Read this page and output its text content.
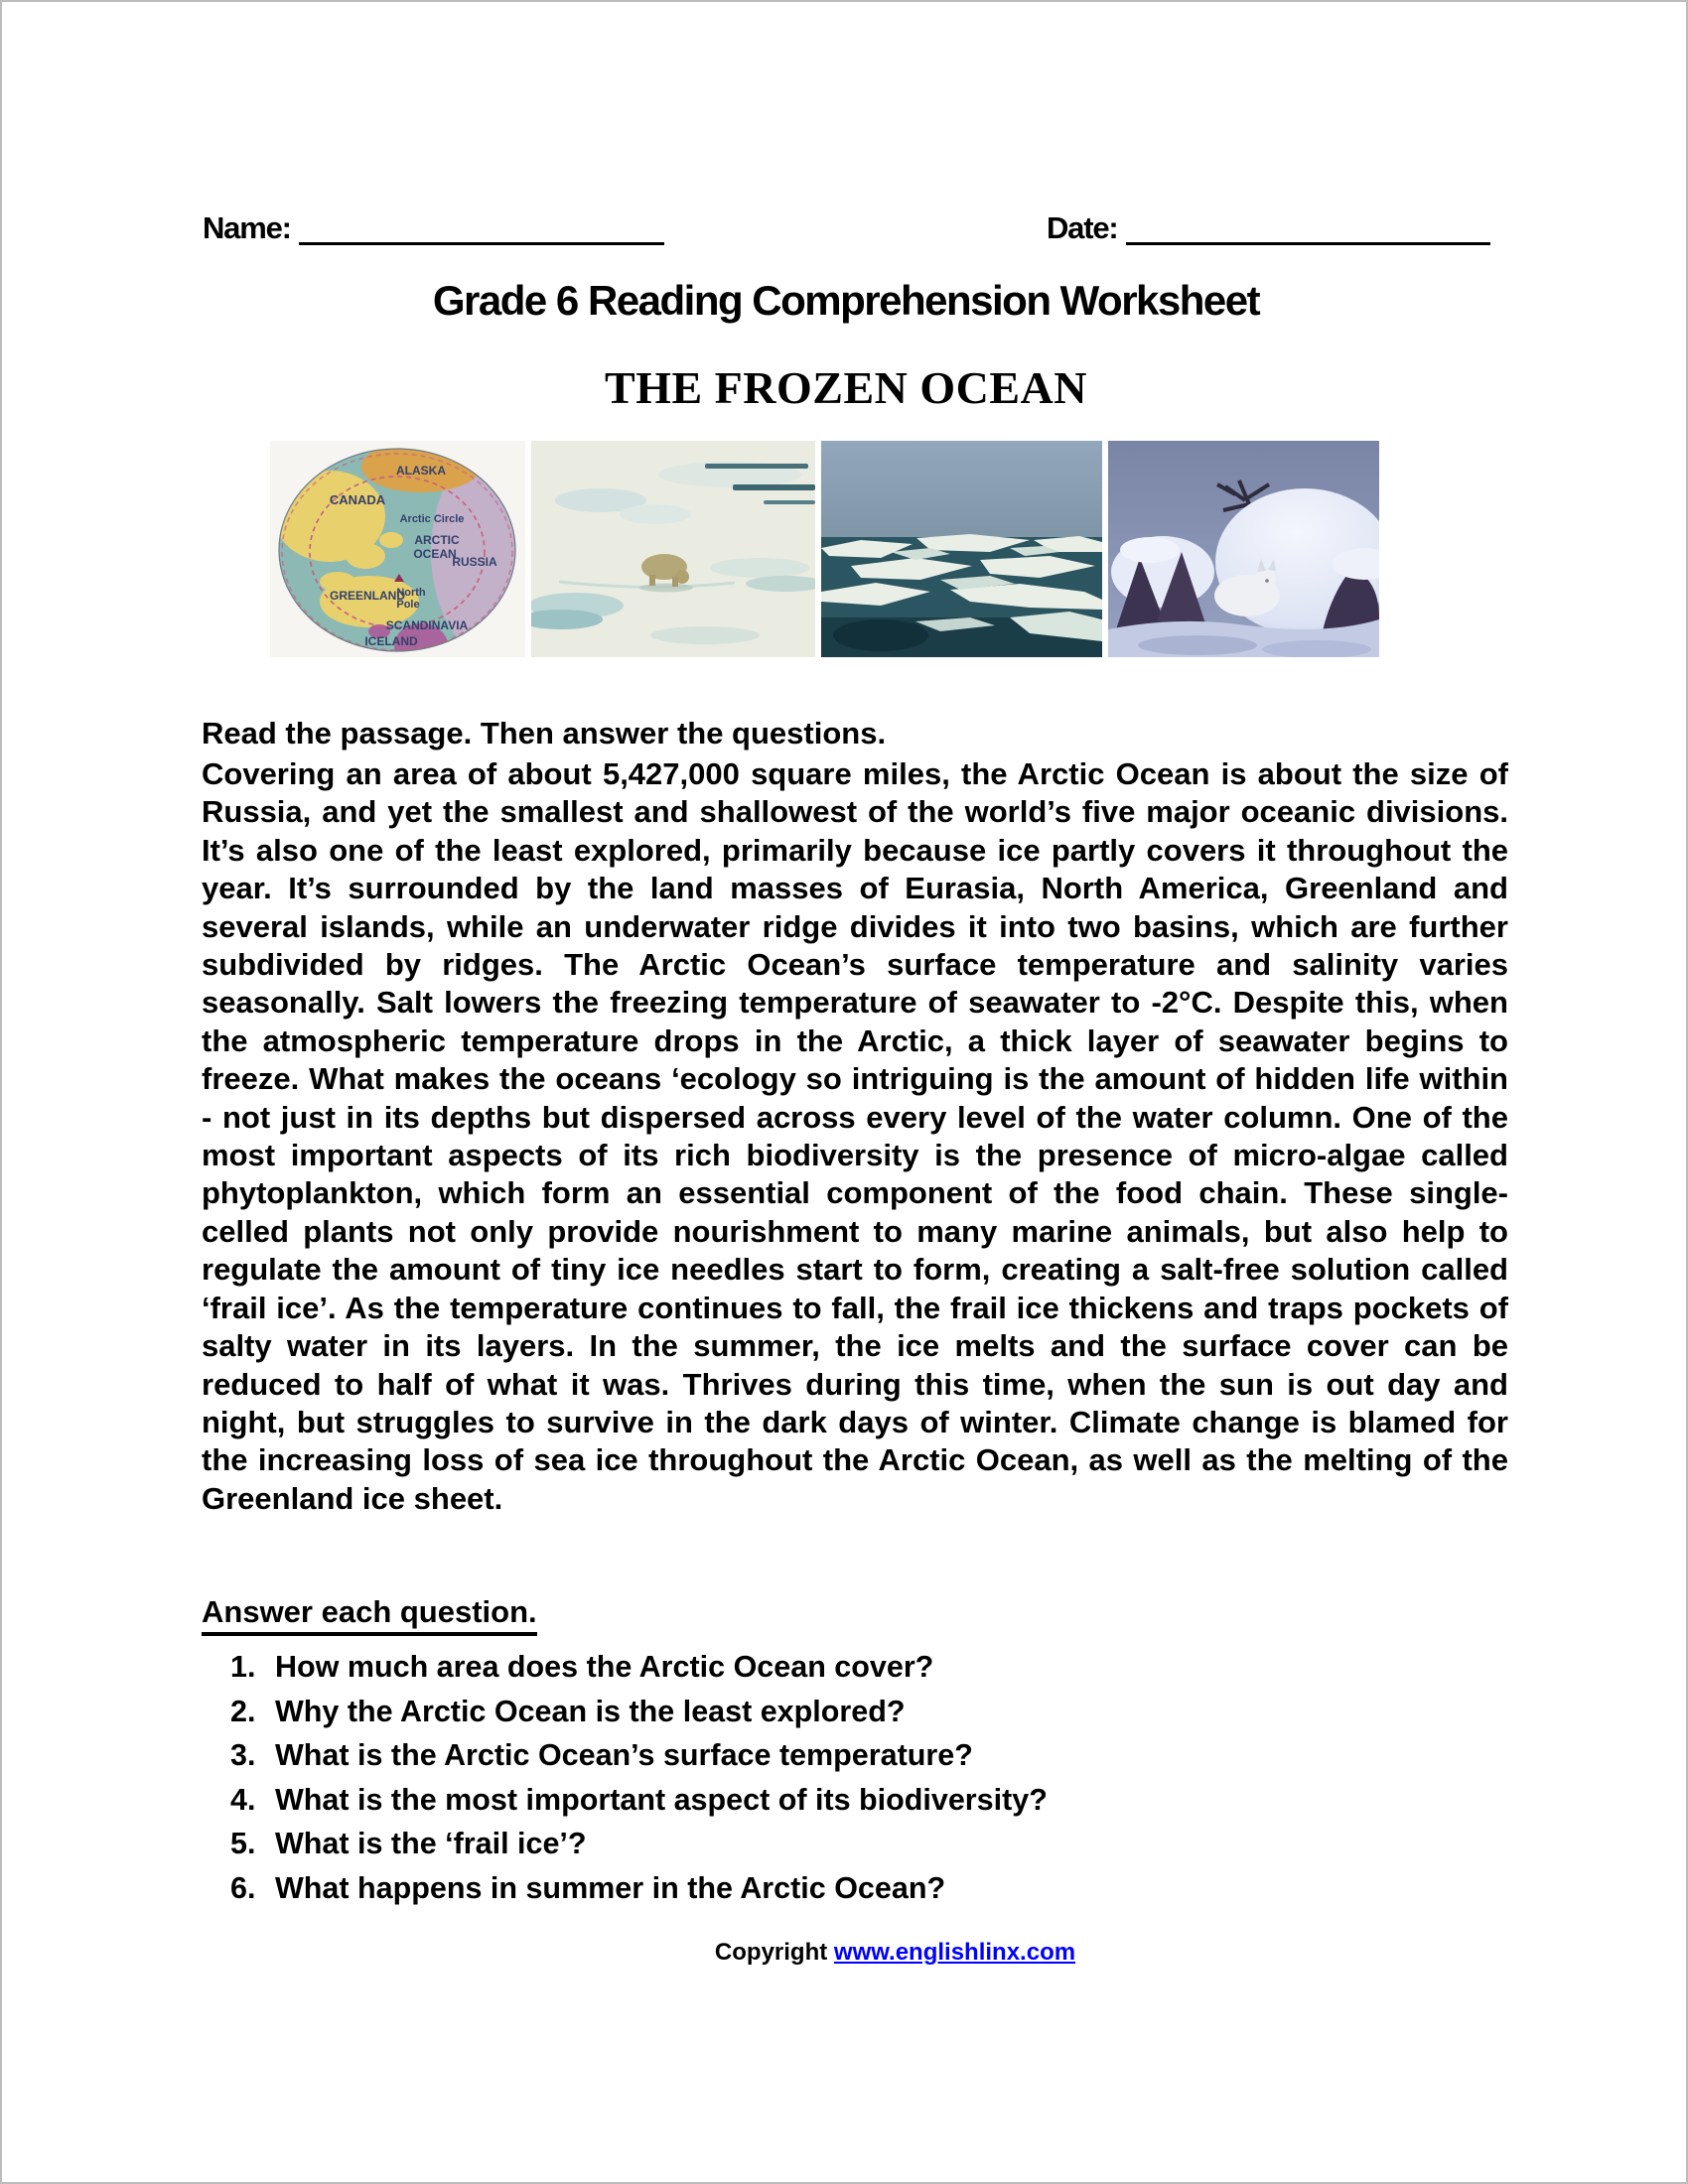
Name:	Date:
Grade 6 Reading Comprehension Worksheet
THE FROZEN OCEAN
ALASKA
CANADA
Arctic Circle
ARCTIC
OCEAN
North
Pole
RUSSIA
GREENLAND
SCANDINAVIA
ICELAND
Read the passage. Then answer the questions.
Covering an area of about 5,427,000 square miles, the Arctic Ocean is about the size of Russia, and yet the smallest and shallowest of the world’s five major oceanic divisions. It’s also one of the least explored, primarily because ice partly covers it throughout the year. It’s surrounded by the land masses of Eurasia, North America, Greenland and several islands, while an underwater ridge divides it into two basins, which are further subdivided by ridges. The Arctic Ocean’s surface temperature and salinity varies seasonally. Salt lowers the freezing temperature of seawater to -2°C. Despite this, when the atmospheric temperature drops in the Arctic, a thick layer of seawater begins to freeze. What makes the oceans ‘ecology so intriguing is the amount of hidden life within - not just in its depths but dispersed across every level of the water column. One of the most important aspects of its rich biodiversity is the presence of micro-algae called phytoplankton, which form an essential component of the food chain. These single-celled plants not only provide nourishment to many marine animals, but also help to regulate the amount of tiny ice needles start to form, creating a salt-free solution called ‘frail ice’. As the temperature continues to fall, the frail ice thickens and traps pockets of salty water in its layers. In the summer, the ice melts and the surface cover can be reduced to half of what it was. Thrives during this time, when the sun is out day and night, but struggles to survive in the dark days of winter. Climate change is blamed for the increasing loss of sea ice throughout the Arctic Ocean, as well as the melting of the Greenland ice sheet.
Answer each question.
1. How much area does the Arctic Ocean cover?
2. Why the Arctic Ocean is the least explored?
3. What is the Arctic Ocean’s surface temperature?
4. What is the most important aspect of its biodiversity?
5. What is the ‘frail ice’?
6. What happens in summer in the Arctic Ocean?
Copyright www.englishlinx.com
